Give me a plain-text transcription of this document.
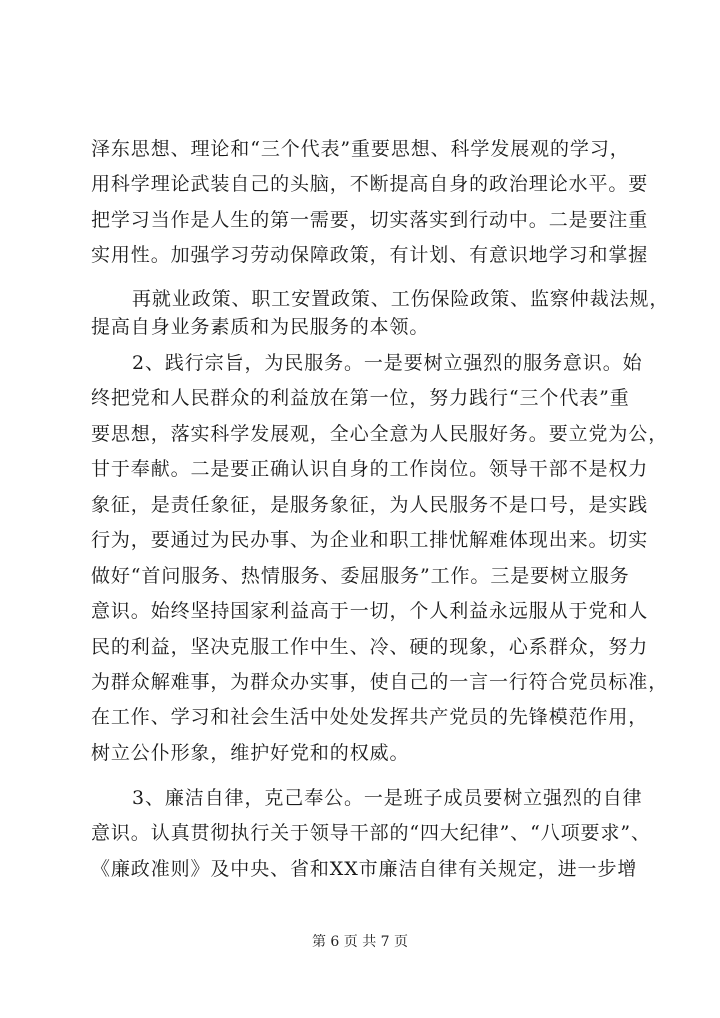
泽东思想、理论和“三个代表”重要思想、科学发展观的学习，
用科学理论武装自己的头脑，不断提高自身的政治理论水平。要
把学习当作是人生的第一需要，切实落实到行动中。二是要注重
实用性。加强学习劳动保障政策，有计划、有意识地学习和掌握
再就业政策、职工安置政策、工伤保险政策、监察仲裁法规，
提高自身业务素质和为民服务的本领。
2、践行宗旨，为民服务。一是要树立强烈的服务意识。始
终把党和人民群众的利益放在第一位，努力践行“三个代表”重
要思想，落实科学发展观，全心全意为人民服好务。要立党为公，
甘于奉献。二是要正确认识自身的工作岗位。领导干部不是权力
象征，是责任象征，是服务象征，为人民服务不是口号，是实践
行为，要通过为民办事、为企业和职工排忧解难体现出来。切实
做好“首问服务、热情服务、委屈服务”工作。三是要树立服务
意识。始终坚持国家利益高于一切，个人利益永远服从于党和人
民的利益，坚决克服工作中生、冷、硬的现象，心系群众，努力
为群众解难事，为群众办实事，使自己的一言一行符合党员标准，
在工作、学习和社会生活中处处发挥共产党员的先锋模范作用，
树立公仆形象，维护好党和的权威。
3、廉洁自律，克己奉公。一是班子成员要树立强烈的自律
意识。认真贯彻执行关于领导干部的“四大纪律”、“八项要求”、
《廉政准则》及中央、省和XX市廉洁自律有关规定，进一步增
第 6 页 共 7 页
